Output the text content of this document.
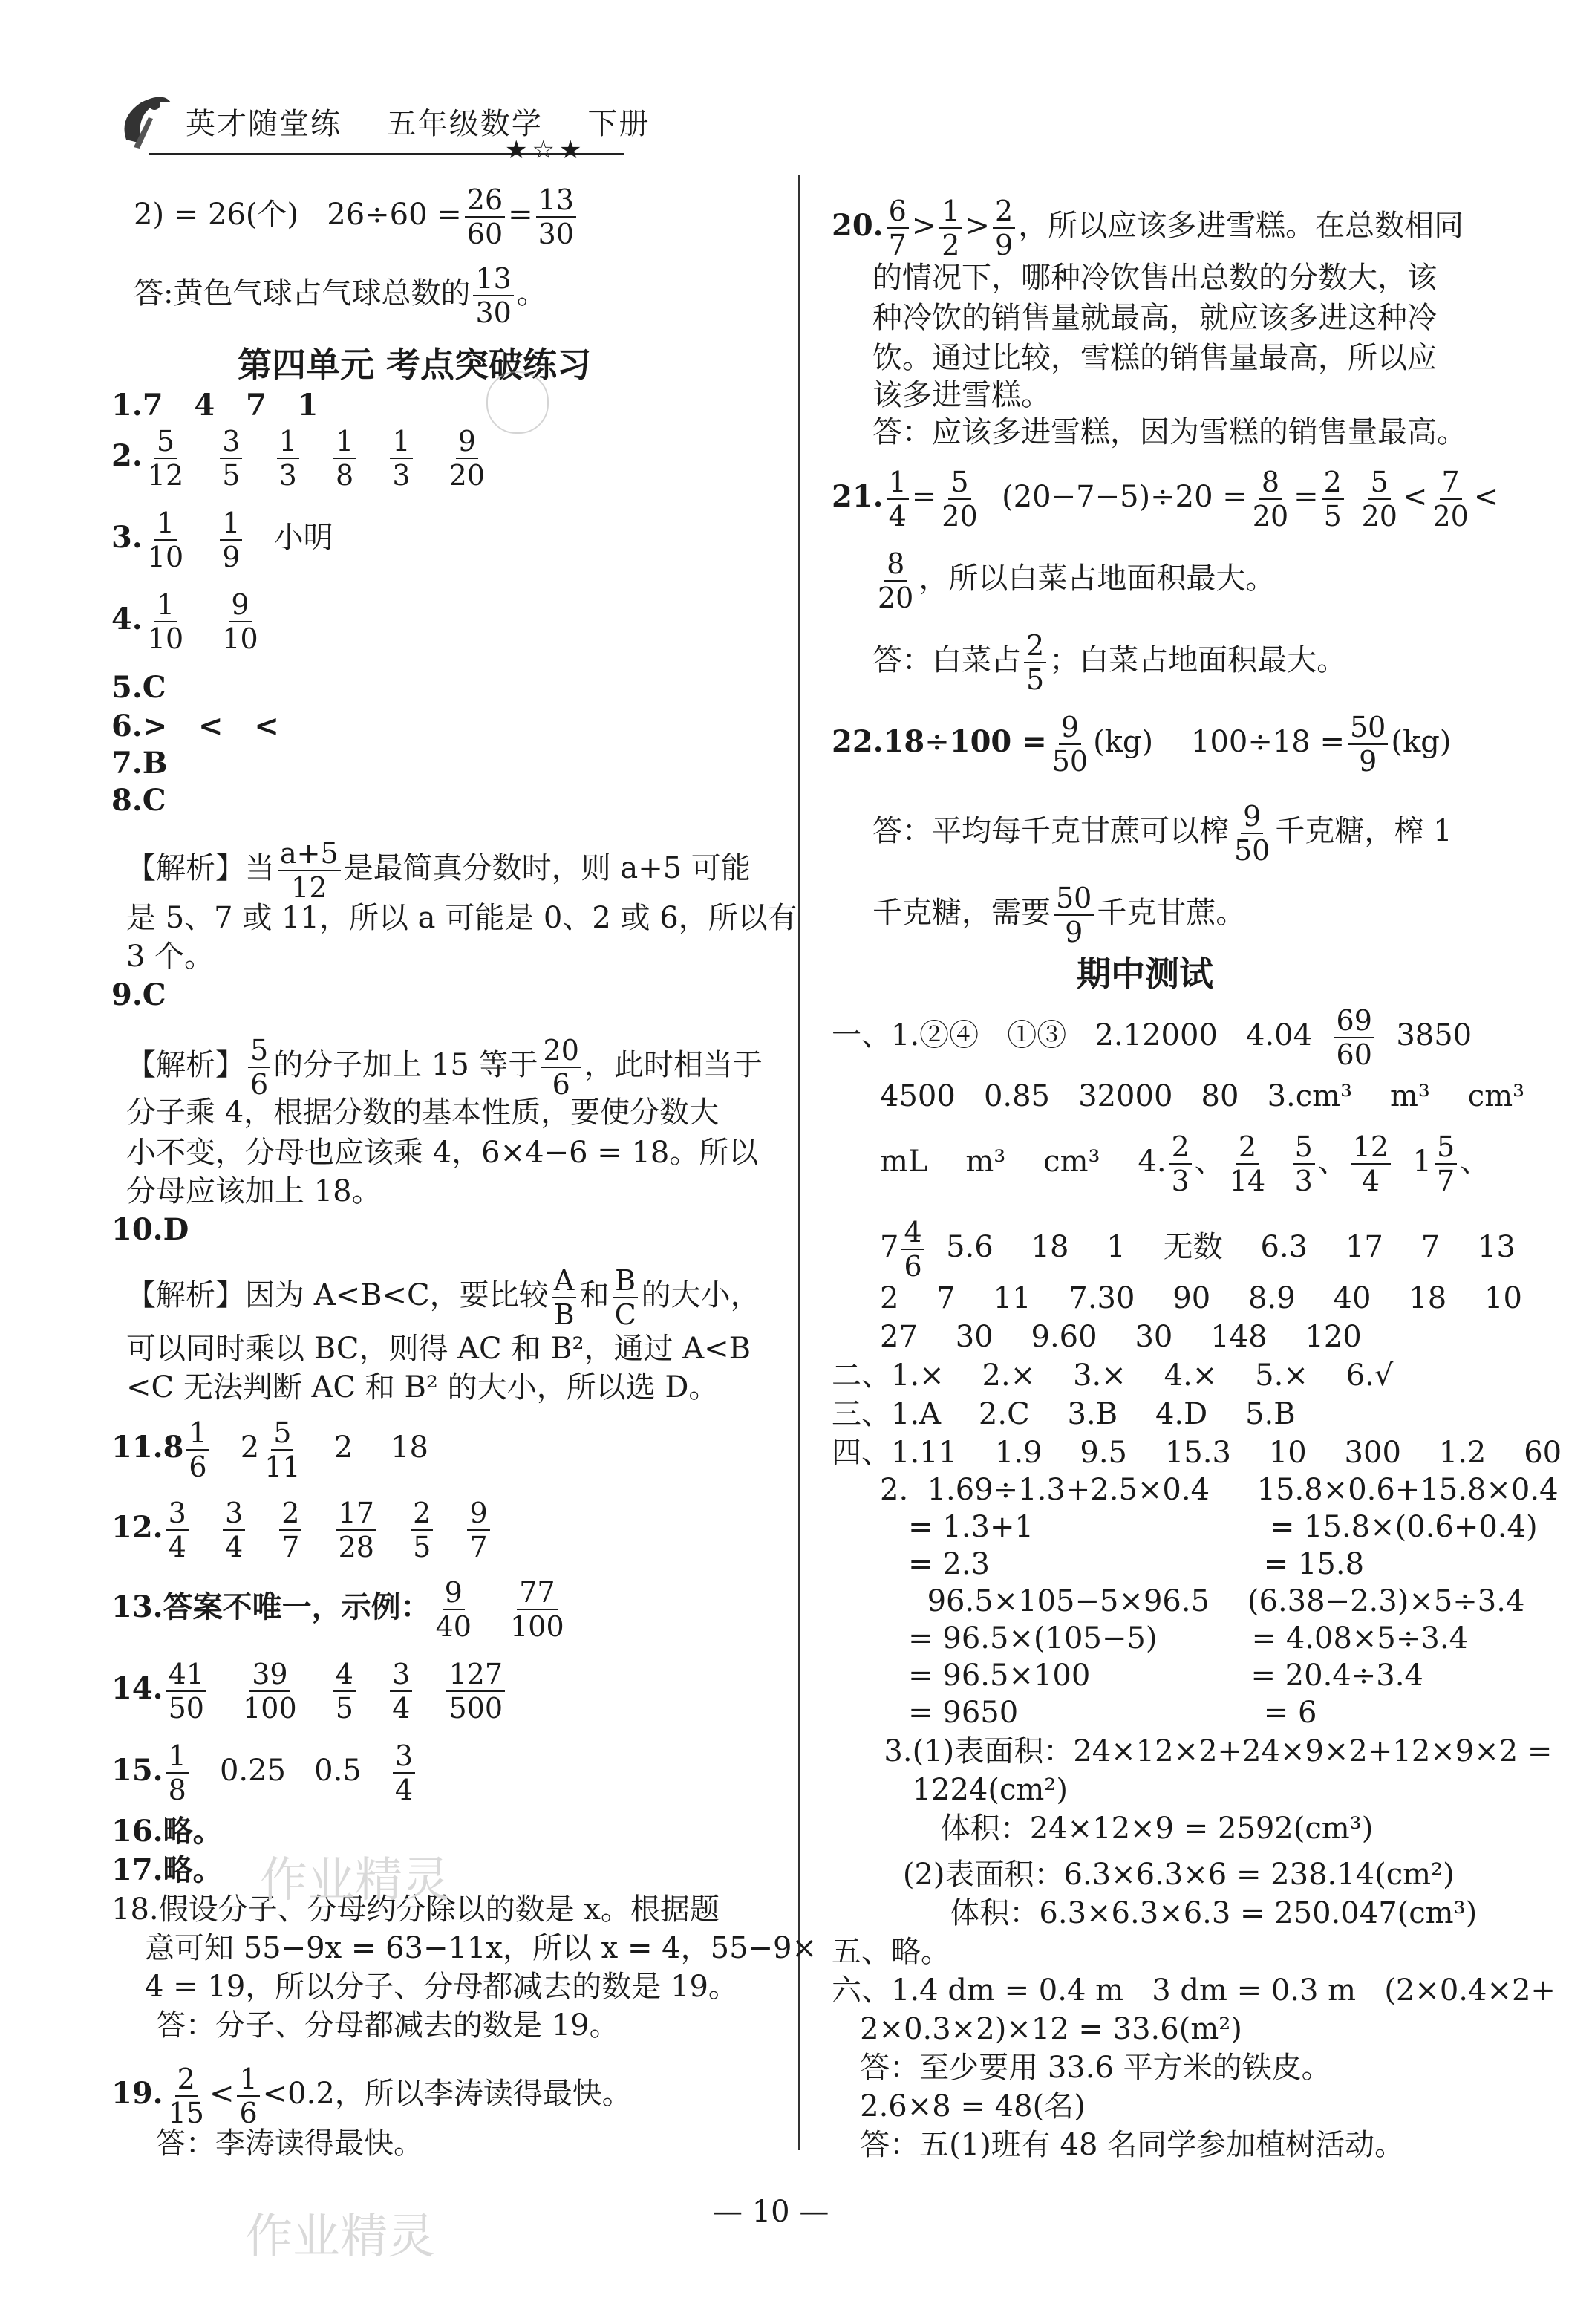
英才随堂练 五年级数学 下册
★☆★
2) = 26(个)   $26\div 60 = \frac{26}{60} = \frac{13}{30}$
答:黄色气球占气球总数的 $\frac{13}{30}$ 。
第四单元 考点突破练习
1.7   4   7   1
2. $\frac{5}{12}$
$\frac{3}{5}$
$\frac{1}{3}$
$\frac{1}{8}$
$\frac{1}{3}$
$\frac{9}{20}$
3. $\frac{1}{10}$
$\frac{1}{9}$ 小明
4. $\frac{1}{10}$
$\frac{9}{10}$
5.C
6.>   <   <
7.B
8.C
【解析】当 $\frac{a+5}{12}$ 是最简真分数时，则 a+5 可能
是 5、7 或 11，所以 a 可能是 0、2 或 6，所以有
3 个。
9.C
【解析】 $\frac{5}{6}$ 的分子加上 15 等于 $\frac{20}{6}$ ，此时相当于
分子乘 4，根据分数的基本性质，要使分数大
小不变，分母也应该乘 4，6×4−6 = 18。所以
分母应该加上 18。
10.D
【解析】因为 A<B<C，要比较 $\frac{A}{B}$ 和 $\frac{B}{C}$ 的大小，
可以同时乘以 BC，则得 AC 和 B²，通过 A<B
<C 无法判断 AC 和 B² 的大小，所以选 D。
$11.8 \frac{1}{6} 2 \frac{5}{11} 2$    18
12. $\frac{3}{4}$
$\frac{3}{4}$
$\frac{2}{7}$
$\frac{17}{28}$
$\frac{2}{5}$
$\frac{9}{7}$
13.答案不唯一，示例： $\frac{9}{40}$
$\frac{77}{100}$
14. $\frac{41}{50}$
$\frac{39}{100}$
$\frac{4}{5}$
$\frac{3}{4}$
$\frac{127}{500}$
15. $\frac{1}{8} 0.25$   $0.5 \frac{3}{4}$
16.略。
17.略。
18.假设分子、分母约分除以的数是 x。根据题
意可知 55−9x = 63−11x，所以 x = 4，55−9×
4 = 19，所以分子、分母都减去的数是 19。
答：分子、分母都减去的数是 19。
19. $\frac{2}{15} < \frac{1}{6} <0.2$，所以李涛读得最快。
答：李涛读得最快。
20. $\frac{6}{7} > \frac{1}{2} > \frac{2}{9}$ ，所以应该多进雪糕。在总数相同
的情况下，哪种冷饮售出总数的分数大，该
种冷饮的销售量就最高，就应该多进这种冷
饮。通过比较，雪糕的销售量最高，所以应
该多进雪糕。
答：应该多进雪糕，因为雪糕的销售量最高。
21. $\frac{1}{4} = \frac{5}{20} (20-7-5)\div 20 = \frac{8}{20} = \frac{2}{5}$
$\frac{5}{20} < \frac{7}{20}$ <
$\frac{8}{20}$ ，所以白菜占地面积最大。
答：白菜占 $\frac{2}{5}$ ；白菜占地面积最大。
$22.18\div 100 = \frac{9}{50} (kg)$    $100\div 18 = \frac{50}{9} (kg)$
答：平均每千克甘蔗可以榨 $\frac{9}{50}$ 千克糖，榨 1
千克糖，需要 $\frac{50}{9}$ 千克甘蔗。
期中测试
一、1.②④   ①③   2.12000   $4.04 \frac{69}{60} 3850$
4500   0.85   32000   80   3.cm³    m³    cm³
mL    m³    cm³    4. $\frac{2}{3}$ 、 $\frac{2}{14}$
$\frac{5}{3}$ 、 $\frac{12}{4} 1 \frac{5}{7}$ 、
$7 \frac{4}{6} 5.6$    18    1    无数    6.3    17    7    13
2    7    11    7.30    90    8.9    40    18    10
27    30    9.60    30    148    120
二、1.×    2.×    3.×    4.×    5.×    6.√
三、1.A    2.C    3.B    4.D    5.B
四、1.11    1.9    9.5    15.3    10    300    1.2    60
2.  1.69÷1.3+2.5×0.4     15.8×0.6+15.8×0.4
= 1.3+1                         = 15.8×(0.6+0.4)
= 2.3                             = 15.8
96.5×105−5×96.5    (6.38−2.3)×5÷3.4
= 96.5×(105−5)          = 4.08×5÷3.4
= 96.5×100                 = 20.4÷3.4
= 9650                          = 6
3.(1)表面积：24×12×2+24×9×2+12×9×2 =
1224(cm²)
体积：24×12×9 = 2592(cm³)
(2)表面积：6.3×6.3×6 = 238.14(cm²)
体积：6.3×6.3×6.3 = 250.047(cm³)
五、略。
六、1.4 dm = 0.4 m   3 dm = 0.3 m   (2×0.4×2+
2×0.3×2)×12 = 33.6(m²)
答：至少要用 33.6 平方米的铁皮。
2.6×8 = 48(名)
答：五(1)班有 48 名同学参加植树活动。
作业精灵
作业精灵	— 10 —
